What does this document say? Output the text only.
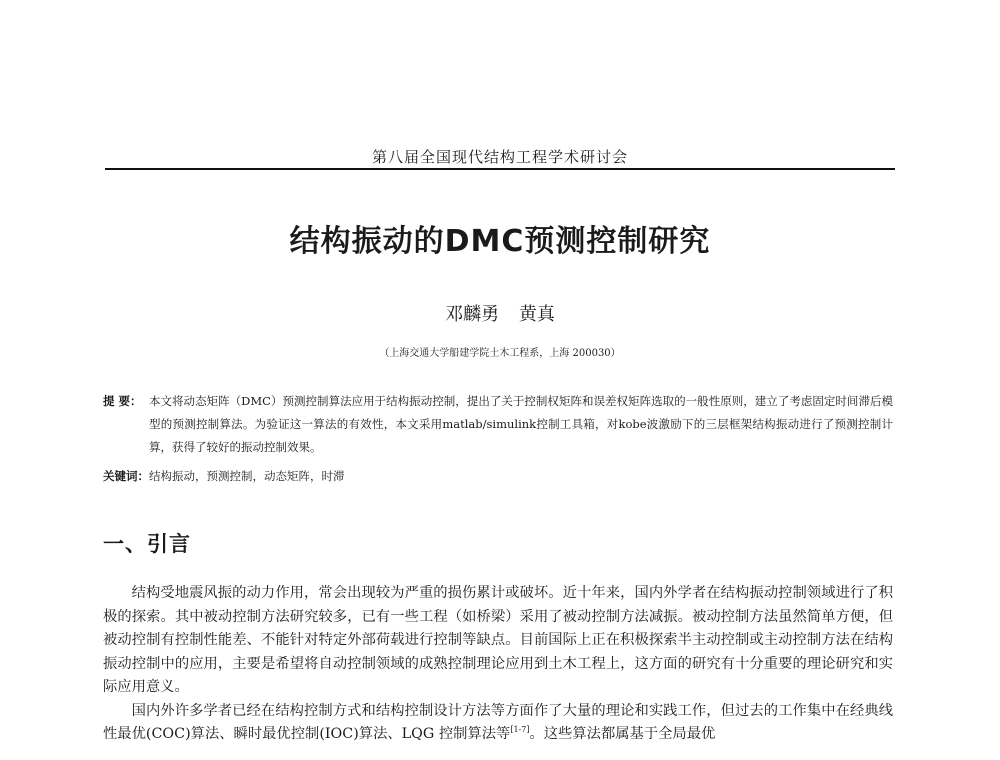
第八届全国现代结构工程学术研讨会
结构振动的DMC预测控制研究
邓麟勇 黄真
（上海交通大学船建学院土木工程系，上海 200030）
提 要： 本文将动态矩阵（DMC）预测控制算法应用于结构振动控制，提出了关于控制权矩阵和误差权矩阵选取的一般性原则，建立了考虑固定时间滞后模型的预测控制算法。为验证这一算法的有效性，本文采用matlab/simulink控制工具箱，对kobe波激励下的三层框架结构振动进行了预测控制计算，获得了较好的振动控制效果。
关键词：结构振动，预测控制，动态矩阵，时滞
一、引言

结构受地震风振的动力作用，常会出现较为严重的损伤累计或破坏。近十年来，国内外学者在结构振动控制领域进行了积极的探索。其中被动控制方法研究较多，已有一些工程（如桥梁）采用了被动控制方法减振。被动控制方法虽然简单方便，但被动控制有控制性能差、不能针对特定外部荷载进行控制等缺点。目前国际上正在积极探索半主动控制或主动控制方法在结构振动控制中的应用，主要是希望将自动控制领域的成熟控制理论应用到土木工程上，这方面的研究有十分重要的理论研究和实际应用意义。

国内外许多学者已经在结构控制方式和结构控制设计方法等方面作了大量的理论和实践工作，但过去的工作集中在经典线性最优(COC)算法、瞬时最优控制(IOC)算法、LQG 控制算法等[1-7]。这些算法都属基于全局最优
